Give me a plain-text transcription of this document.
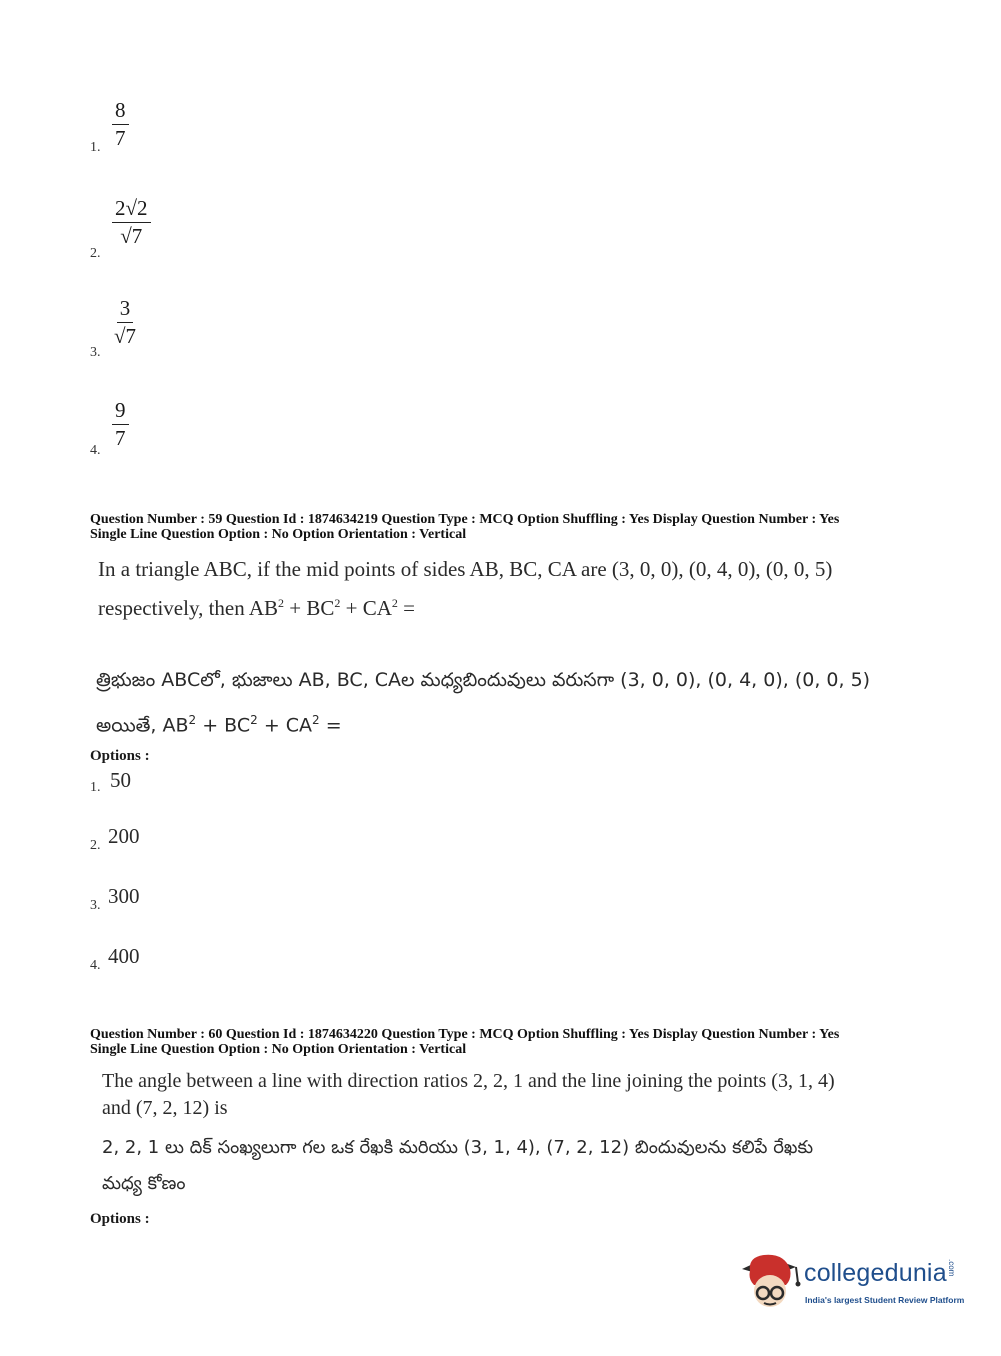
1. $\frac{8}{7}$
2.
$\frac{2√2}{√7}$
3.
$\frac{3}{√7}$
4.
$\frac{9}{7}$
Question Number : 59 Question Id : 1874634219 Question Type : MCQ Option Shuffling : Yes Display Question Number : Yes
Single Line Question Option : No Option Orientation : Vertical
In a triangle ABC, if the mid points of sides AB, BC, CA are (3, 0, 0), (0, 4, 0), (0, 0, 5)
respectively, then $AB^2 + BC^2 + CA^2$ =
త్రిభుజం ABCలో, భుజాలు AB, BC, CAల మధ్యబిందువులు వరుసగా (3, 0, 0), (0, 4, 0), (0, 0, 5)
అయితే, $AB^2 + BC^2 + CA^2$ =
Options :
1. 50
2. 200
3. 300
4. 400
Question Number : 60 Question Id : 1874634220 Question Type : MCQ Option Shuffling : Yes Display Question Number : Yes
Single Line Question Option : No Option Orientation : Vertical
The angle between a line with direction ratios 2, 2, 1 and the line joining the points (3, 1, 4)
and (7, 2, 12) is
2, 2, 1 లు దిక్ సంఖ్యలుగా గల ఒక రేఖకి మరియు (3, 1, 4), (7, 2, 12) బిందువులను కలిపే రేఖకు
మధ్య కోణం
Options :
collegedunia.com
India's largest Student Review Platform
